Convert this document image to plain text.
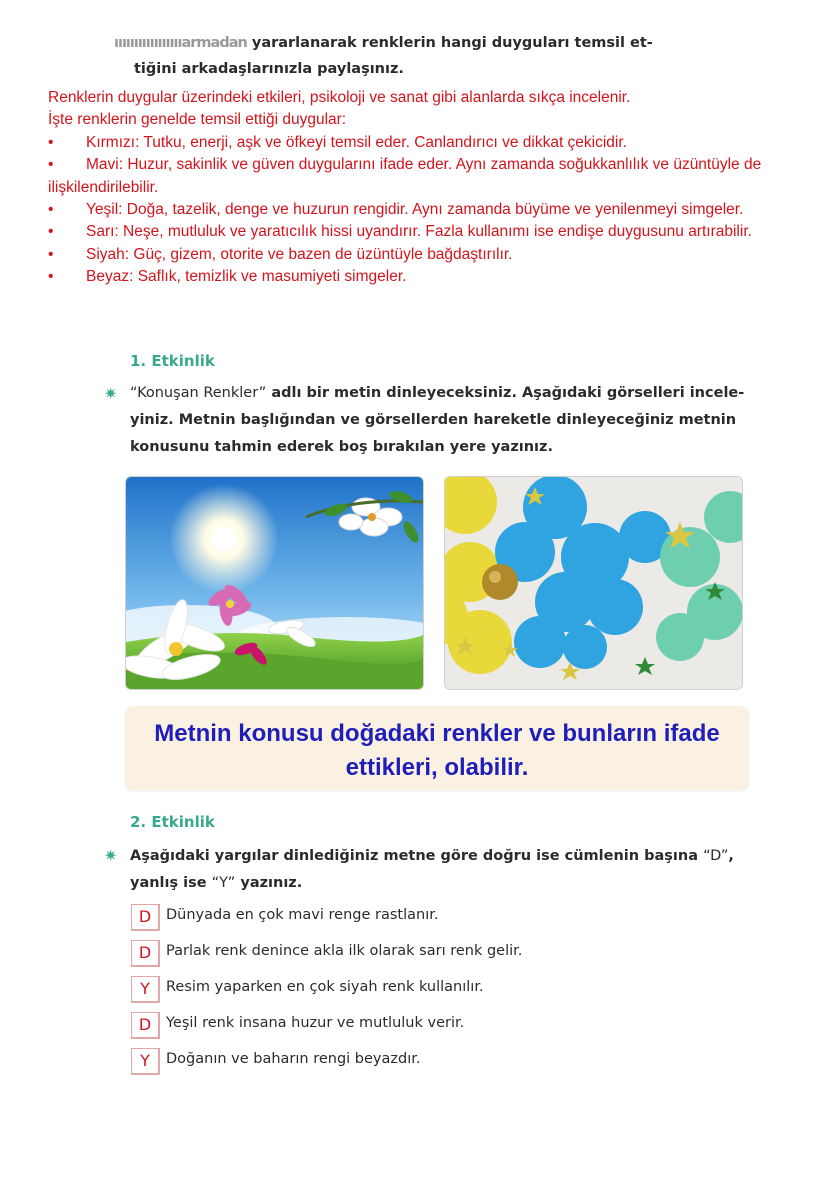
ıııııııııııııııııarmadan yararlanarak renklerin hangi duyguları temsil et-
tiğini arkadaşlarınızla paylaşınız.

Renklerin duygular üzerindeki etkileri, psikoloji ve sanat gibi alanlarda sıkça incelenir.

İşte renklerin genelde temsil ettiği duygular:

• Kırmızı: Tutku, enerji, aşk ve öfkeyi temsil eder. Canlandırıcı ve dikkat çekicidir.
• Mavi: Huzur, sakinlik ve güven duygularını ifade eder. Aynı zamanda soğukkanlılık ve üzüntüyle de ilişkilendirilebilir.
• Yeşil: Doğa, tazelik, denge ve huzurun rengidir. Aynı zamanda büyüme ve yenilenmeyi simgeler.
• Sarı: Neşe, mutluluk ve yaratıcılık hissi uyandırır. Fazla kullanımı ise endişe duygusunu artırabilir.
• Siyah: Güç, gizem, otorite ve bazen de üzüntüyle bağdaştırılır.
• Beyaz: Saflık, temizlik ve masumiyeti simgeler.
1. Etkinlik
✷ “Konuşan Renkler” adlı bir metin dinleyeceksiniz. Aşağıdaki görselleri incele- yiniz. Metnin başlığından ve görsellerden hareketle dinleyeceğiniz metnin konusunu tahmin ederek boş bırakılan yere yazınız.
Metnin konusu doğadaki renkler ve bunların ifade
ettikleri, olabilir.
2. Etkinlik
✷ Aşağıdaki yargılar dinlediğiniz metne göre doğru ise cümlenin başına “D”, yanlış ise “Y” yazınız.
D	Dünyada en çok mavi renge rastlanır.
D	Parlak renk denince akla ilk olarak sarı renk gelir.
Y	Resim yaparken en çok siyah renk kullanılır.
D	Yeşil renk insana huzur ve mutluluk verir.
Y	Doğanın ve baharın rengi beyazdır.
